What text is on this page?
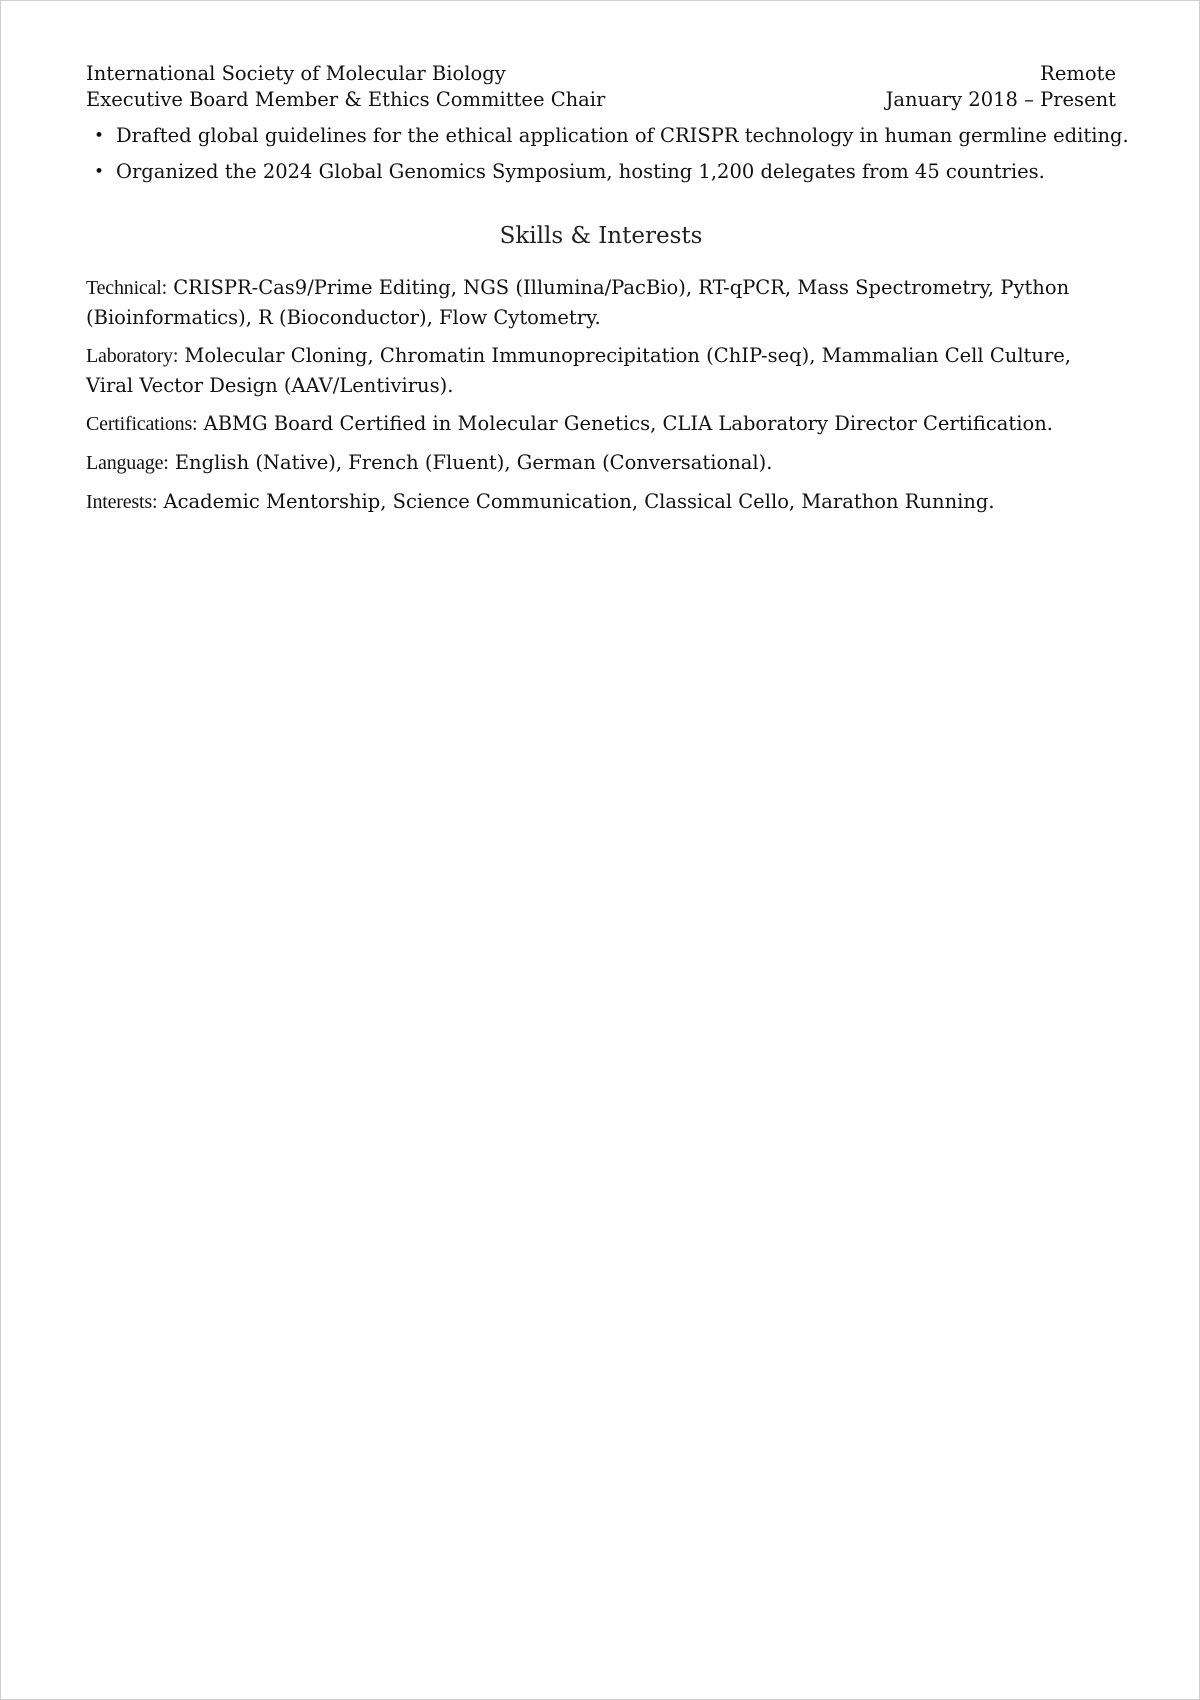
International Society of Molecular Biology
Executive Board Member & Ethics Committee Chair
Remote
January 2018 – Present
• Drafted global guidelines for the ethical application of CRISPR technology in human germline editing.
• Organized the 2024 Global Genomics Symposium, hosting 1,200 delegates from 45 countries.
Skills & Interests

Technical: CRISPR-Cas9/Prime Editing, NGS (Illumina/PacBio), RT-qPCR, Mass Spectrometry, Python (Bioinformatics), R (Bioconductor), Flow Cytometry.

Laboratory: Molecular Cloning, Chromatin Immunoprecipitation (ChIP-seq), Mammalian Cell Culture, Viral Vector Design (AAV/Lentivirus).

Certifications: ABMG Board Certified in Molecular Genetics, CLIA Laboratory Director Certification.

Language: English (Native), French (Fluent), German (Conversational).

Interests: Academic Mentorship, Science Communication, Classical Cello, Marathon Running.
